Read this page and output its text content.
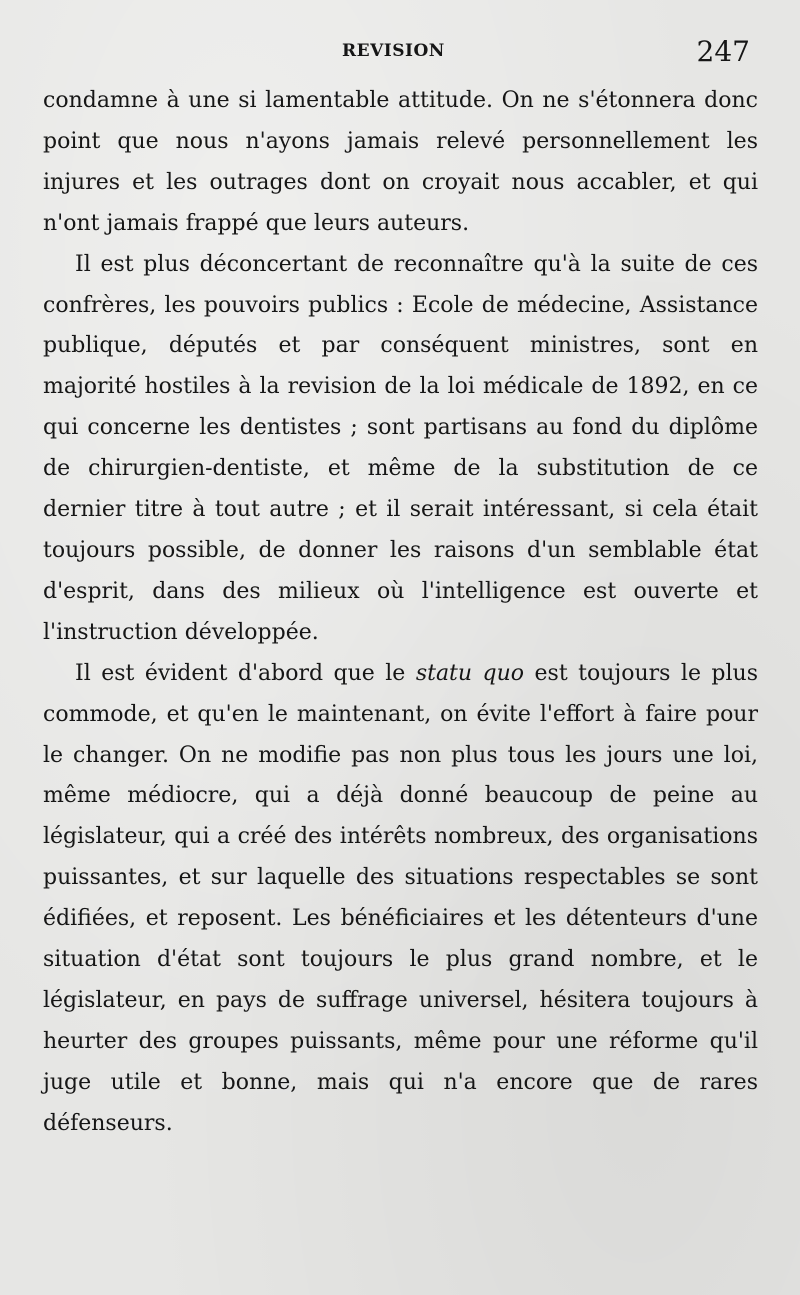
REVISION	247

condamne à une si lamentable attitude. On ne s'étonnera donc point que nous n'ayons jamais relevé personnellement les injures et les outrages dont on croyait nous accabler, et qui n'ont jamais frappé que leurs auteurs.

Il est plus déconcertant de reconnaître qu'à la suite de ces confrères, les pouvoirs publics : Ecole de médecine, Assistance publique, députés et par conséquent ministres, sont en majorité hostiles à la revision de la loi médicale de 1892, en ce qui concerne les dentistes ; sont partisans au fond du diplôme de chirurgien-dentiste, et même de la substitution de ce dernier titre à tout autre ; et il serait intéressant, si cela était toujours possible, de donner les raisons d'un semblable état d'esprit, dans des milieux où l'intelligence est ouverte et l'instruction développée.

Il est évident d'abord que le statu quo est toujours le plus commode, et qu'en le maintenant, on évite l'effort à faire pour le changer. On ne modifie pas non plus tous les jours une loi, même médiocre, qui a déjà donné beaucoup de peine au législateur, qui a créé des intérêts nombreux, des organisations puissantes, et sur laquelle des situations respectables se sont édifiées, et reposent. Les bénéficiaires et les détenteurs d'une situation d'état sont toujours le plus grand nombre, et le législateur, en pays de suffrage universel, hésitera toujours à heurter des groupes puissants, même pour une réforme qu'il juge utile et bonne, mais qui n'a encore que de rares défenseurs.
